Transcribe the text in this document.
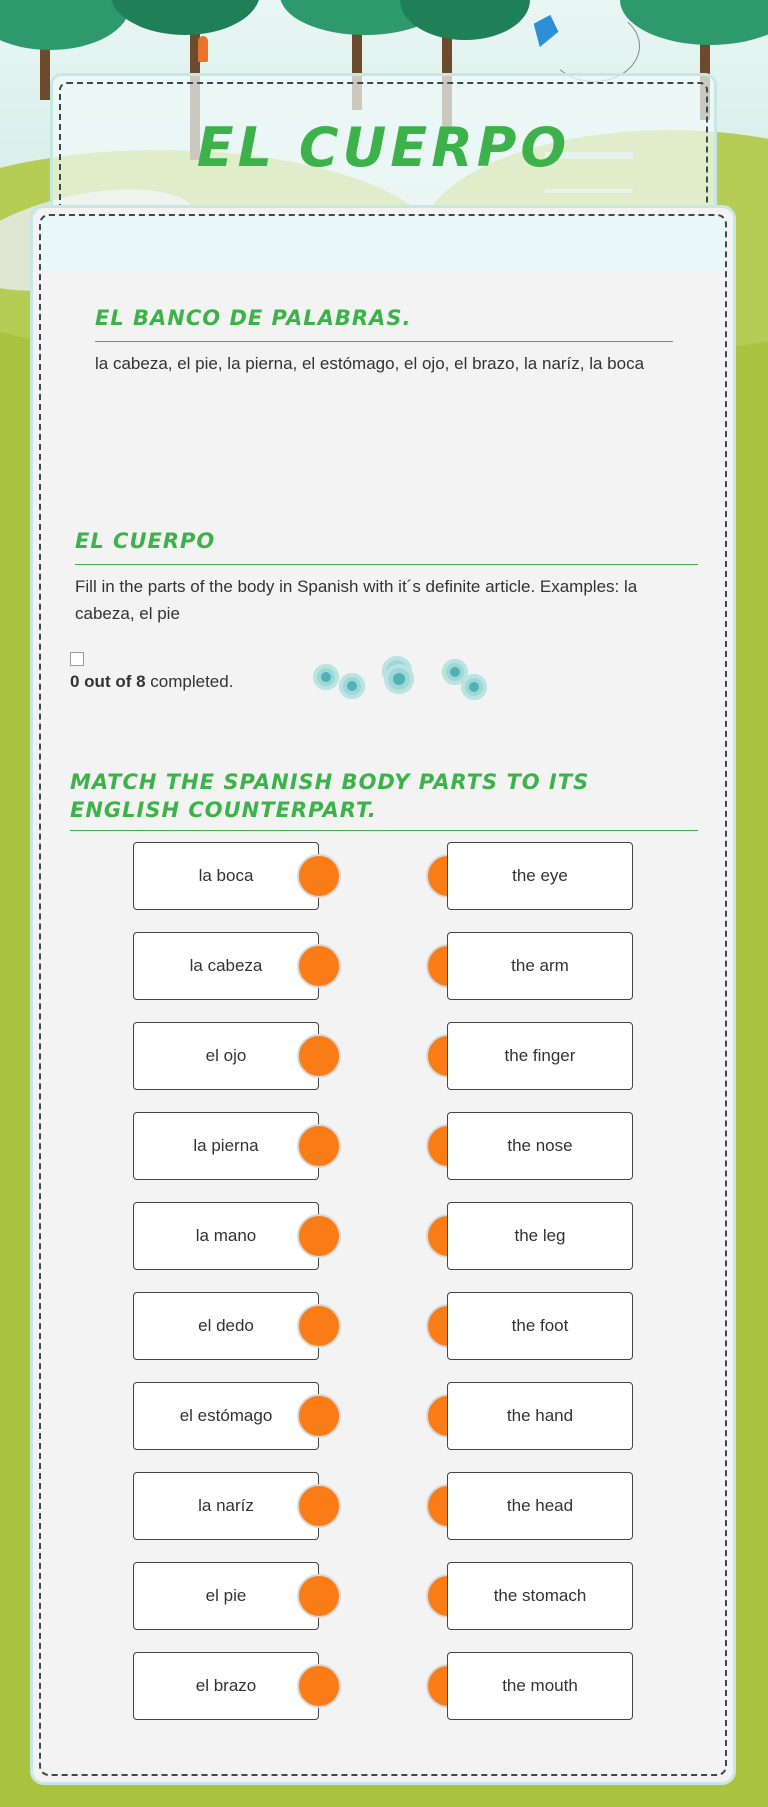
EL CUERPO
EL BANCO DE PALABRAS.
la cabeza, el pie, la pierna, el estómago, el ojo, el brazo, la naríz, la boca
EL CUERPO
Fill in the parts of the body in Spanish with it´s definite article. Examples: la cabeza, el pie
0 out of 8 completed.
MATCH THE SPANISH BODY PARTS TO ITS ENGLISH COUNTERPART.
la boca	the eye
la cabeza	the arm
el ojo	the finger
la pierna	the nose
la mano	the leg
el dedo	the foot
el estómago	the hand
la naríz	the head
el pie	the stomach
el brazo	the mouth
